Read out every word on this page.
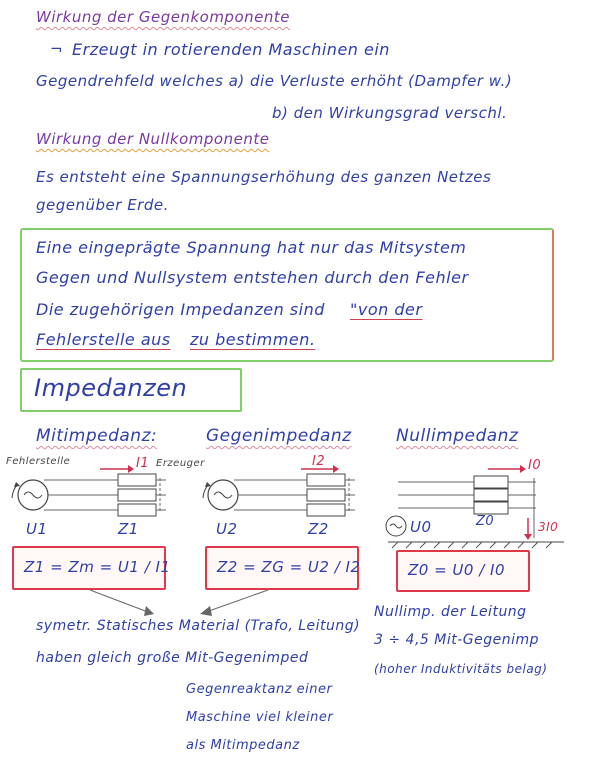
Wirkung der Gegenkomponente
¬ Erzeugt in rotierenden Maschinen ein
Gegendrehfeld welches a) die Verluste erhöht (Dampfer w.)
b) den Wirkungsgrad verschl.
Wirkung der Nullkomponente
Es entsteht eine Spannungserhöhung des ganzen Netzes
gegenüber Erde.
Eine eingeprägte Spannung hat nur das Mitsystem
Gegen und Nullsystem entstehen durch den Fehler
Die zugehörigen Impedanzen sind "von der
Fehlerstelle aus zu bestimmen.
Impedanzen
Mitimpedanz:	Gegenimpedanz	Nullimpedanz
Fehlerstelle	Erzeuger
I1
U1	Z1
I2
U2	Z2
I0
3I0
U0	Z0
Z1 = Zm = U1 / I1	Z2 = ZG = U2 / I2	Z0 = U0 / I0
symetr. Statisches Material (Trafo, Leitung)
haben gleich große Mit-Gegenimped
Gegenreaktanz einer
Maschine viel kleiner
als Mitimpedanz
Nullimp. der Leitung
3 ÷ 4,5 Mit-Gegenimp
(hoher Induktivitäts belag)
